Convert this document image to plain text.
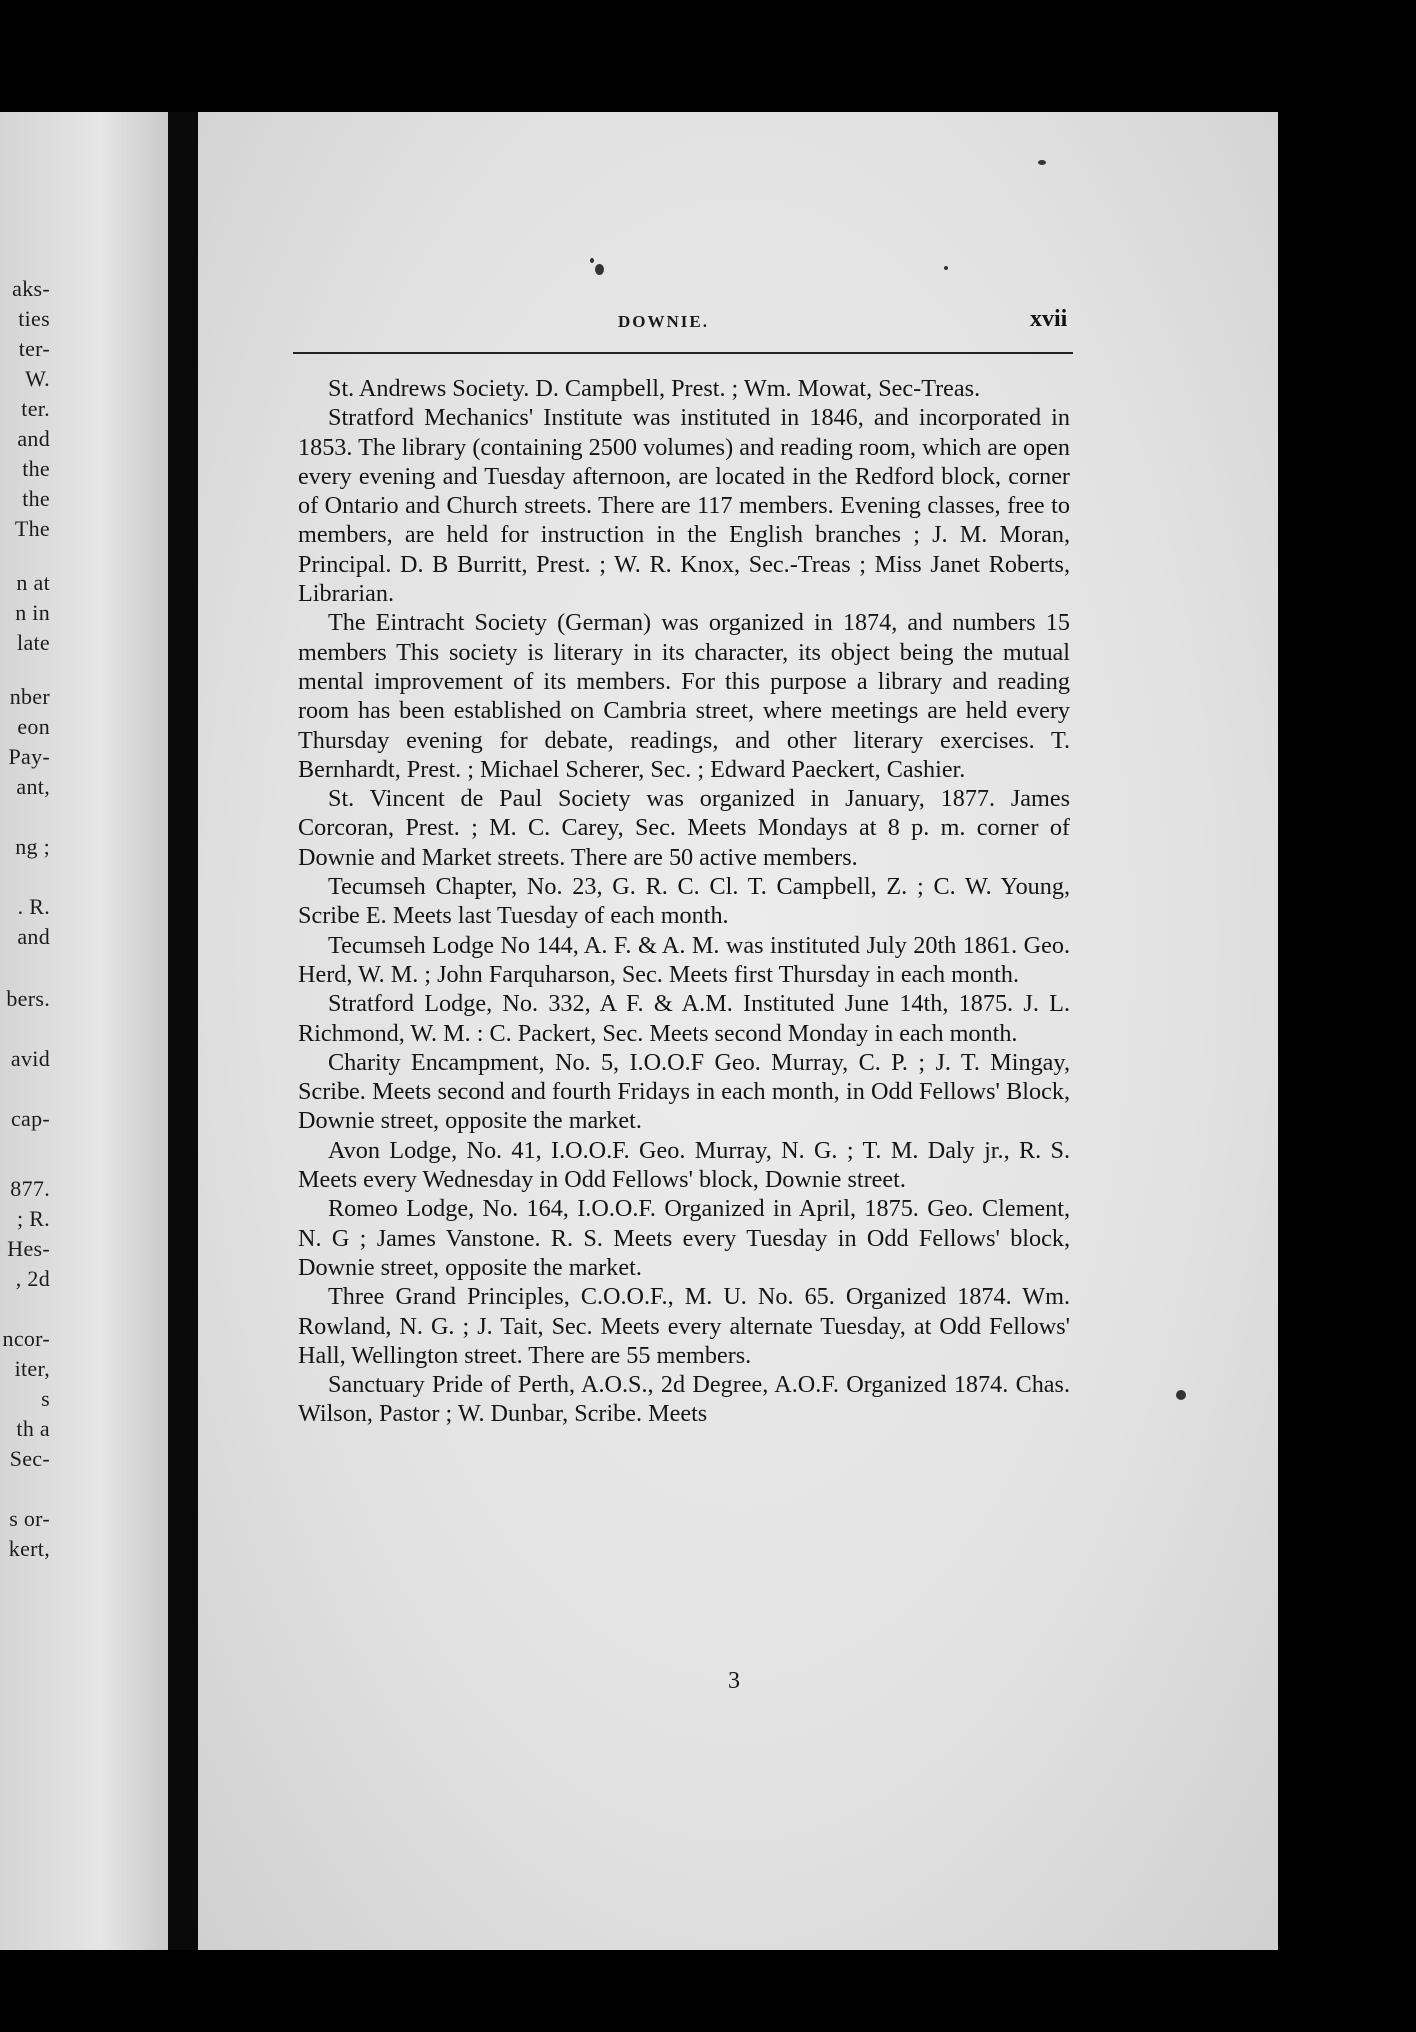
aks-
ties
ter-
W.
ter.
and
the
the
The
n at
n in
late
nber
eon
Pay-
ant,
ng ;
. R.
and
bers.
avid
cap-
877.
; R.
Hes-
, 2d
ncor-
iter,
s
th a
Sec-
s or-
kert,
DOWNIE.	xvii

St. Andrews Society. D. Campbell, Prest. ; Wm. Mowat, Sec-Treas.

Stratford Mechanics' Institute was instituted in 1846, and incorporated in 1853. The library (containing 2500 volumes) and reading room, which are open every evening and Tuesday afternoon, are located in the Redford block, corner of Ontario and Church streets. There are 117 members. Evening classes, free to members, are held for instruction in the English branches ; J. M. Moran, Principal. D. B Burritt, Prest. ; W. R. Knox, Sec.-Treas ; Miss Janet Roberts, Librarian.

The Eintracht Society (German) was organized in 1874, and numbers 15 members This society is literary in its character, its object being the mutual mental improvement of its members. For this purpose a library and reading room has been established on Cambria street, where meetings are held every Thursday evening for debate, readings, and other literary exercises. T. Bernhardt, Prest. ; Michael Scherer, Sec. ; Edward Paeckert, Cashier.

St. Vincent de Paul Society was organized in January, 1877. James Corcoran, Prest. ; M. C. Carey, Sec. Meets Mondays at 8 p. m. corner of Downie and Market streets. There are 50 active members.

Tecumseh Chapter, No. 23, G. R. C. Cl. T. Campbell, Z. ; C. W. Young, Scribe E. Meets last Tuesday of each month.

Tecumseh Lodge No 144, A. F. & A. M. was instituted July 20th 1861. Geo. Herd, W. M. ; John Farquharson, Sec. Meets first Thursday in each month.

Stratford Lodge, No. 332, A F. & A.M. Instituted June 14th, 1875. J. L. Richmond, W. M. : C. Packert, Sec. Meets second Monday in each month.

Charity Encampment, No. 5, I.O.O.F Geo. Murray, C. P. ; J. T. Mingay, Scribe. Meets second and fourth Fridays in each month, in Odd Fellows' Block, Downie street, opposite the market.

Avon Lodge, No. 41, I.O.O.F. Geo. Murray, N. G. ; T. M. Daly jr., R. S. Meets every Wednesday in Odd Fellows' block, Downie street.

Romeo Lodge, No. 164, I.O.O.F. Organized in April, 1875. Geo. Clement, N. G ; James Vanstone. R. S. Meets every Tuesday in Odd Fellows' block, Downie street, opposite the market.

Three Grand Principles, C.O.O.F., M. U. No. 65. Organized 1874. Wm. Rowland, N. G. ; J. Tait, Sec. Meets every alternate Tuesday, at Odd Fellows' Hall, Wellington street. There are 55 members.

Sanctuary Pride of Perth, A.O.S., 2d Degree, A.O.F. Organized 1874. Chas. Wilson, Pastor ; W. Dunbar, Scribe. Meets

3
